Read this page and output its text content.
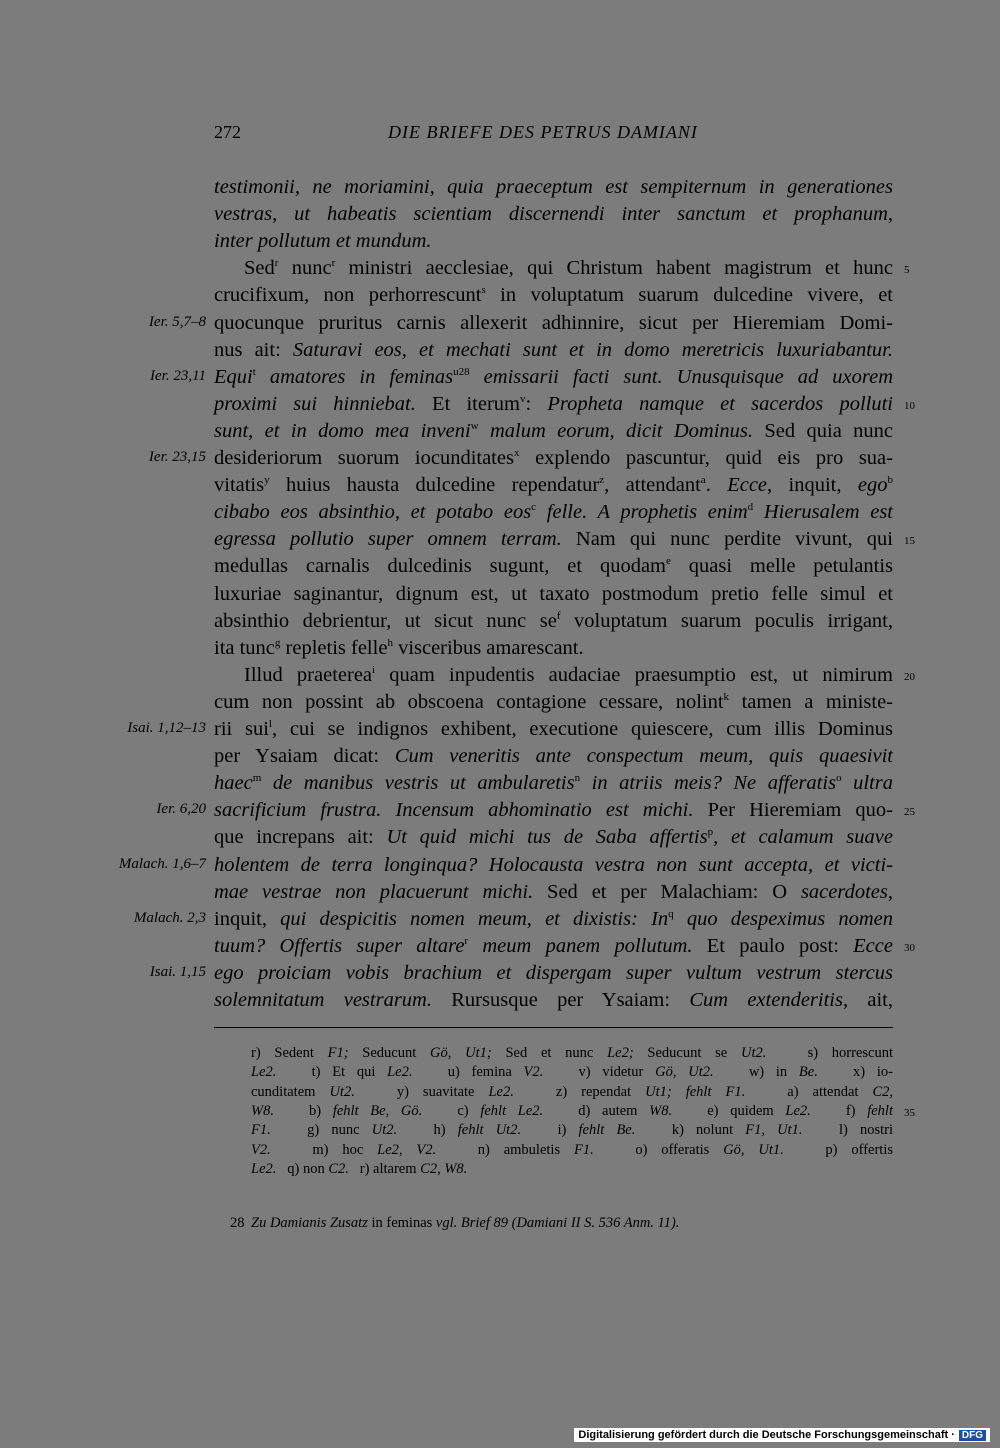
272	DIE BRIEFE DES PETRUS DAMIANI
testimonii, ne moriamini, quia praeceptum est sempiternum in generationes
vestras, ut habeatis scientiam discernendi inter sanctum et prophanum,
inter pollutum et mundum.
Sed$^r$ nunc$^r$ ministri aecclesiae, qui Christum habent magistrum et hunc
crucifixum, non perhorrescunt$^s$ in voluptatum suarum dulcedine vivere, et
quocunque pruritus carnis allexerit adhinnire, sicut per Hieremiam Domi-
nus ait: Saturavi eos, et mechati sunt et in domo meretricis luxuriabantur.
Equi$^t$ amatores in feminas$^{u28}$ emissarii facti sunt. Unusquisque ad uxorem
proximi sui hinniebat. Et iterum$^v$: Propheta namque et sacerdos polluti
sunt, et in domo mea inveni$^w$ malum eorum, dicit Dominus. Sed quia nunc
desideriorum suorum iocunditates$^x$ explendo pascuntur, quid eis pro sua-
vitatis$^y$ huius hausta dulcedine rependatur$^z$, attendant$^a$. Ecce, inquit, ego$^b$
cibabo eos absinthio, et potabo eos$^c$ felle. A prophetis enim$^d$ Hierusalem est
egressa pollutio super omnem terram. Nam qui nunc perdite vivunt, qui
medullas carnalis dulcedinis sugunt, et quodam$^e$ quasi melle petulantis
luxuriae saginantur, dignum est, ut taxato postmodum pretio felle simul et
absinthio debrientur, ut sicut nunc $se^f$ voluptatum suarum poculis irrigant,
ita tunc$^g$ repletis felle$^h$ visceribus amarescant.
Illud praeterea$^i$ quam inpudentis audaciae praesumptio est, ut nimirum
cum non possint ab obscoena contagione cessare, nolint$^k$ tamen a ministe-
rii sui$^l$, cui se indignos exhibent, executione quiescere, cum illis Dominus
per Ysaiam dicat: Cum veneritis ante conspectum meum, quis quaesivit
haec$^m$ de manibus vestris ut ambularetis$^n$ in atriis meis? Ne afferatis$^o$ ultra
sacrificium frustra. Incensum abhominatio est michi. Per Hieremiam quo-
que increpans ait: Ut quid michi tus de Saba affertis$^p$, et calamum suave
holentem de terra longinqua? Holocausta vestra non sunt accepta, et victi-
mae vestrae non placuerunt michi. Sed et per Malachiam: O sacerdotes,
inquit, qui despicitis nomen meum, et dixistis: In$^q$ quo despeximus nomen
tuum? Offertis super altare$^r$ meum panem pollutum. Et paulo post: Ecce
ego proiciam vobis brachium et dispergam super vultum vestrum stercus
solemnitatum vestrarum. Rursusque per Ysaiam: Cum extenderitis, ait,
Ier. 5,7–8
Ier. 23,11
Ier. 23,15
Isai. 1,12–13
Ier. 6,20
Malach. 1,6–7
Malach. 2,3
Isai. 1,15
5
10
15
20
25
30
r) Sedent F1; Seducunt Gö, Ut1; Sed et nunc Le2; Seducunt se Ut2.   s) horrescunt
Le2.   t) Et qui Le2.   u) femina V2.   v) videtur Gö, Ut2.   w) in Be.   x) io-
cunditatem Ut2.   y) suavitate Le2.   z) rependat Ut1; fehlt F1.   a) attendat C2,
W8.   b) fehlt Be, Gö.   c) fehlt Le2.   d) autem W8.   e) quidem Le2.   f) fehlt
F1.   g) nunc Ut2.   h) fehlt Ut2.   i) fehlt Be.   k) nolunt F1, Ut1.   l) nostri
V2.   m) hoc Le2, V2.   n) ambuletis F1.   o) offeratis Gö, Ut1.   p) offertis
Le2.   q) non C2.   r) altarem C2, W8.
35
28 Zu Damianis Zusatz in feminas vgl. Brief 89 (Damiani II S. 536 Anm. 11).
Digitalisierung gefördert durch die Deutsche Forschungsgemeinschaft · DFG
